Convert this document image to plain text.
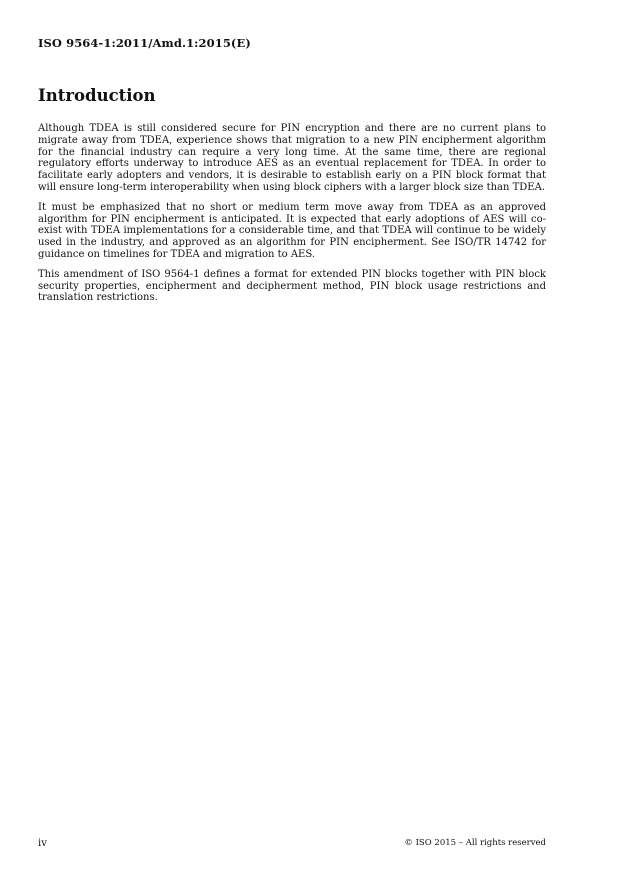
ISO 9564-1:2011/Amd.1:2015(E)
Introduction

Although TDEA is still considered secure for PIN encryption and there are no current plans to migrate away from TDEA, experience shows that migration to a new PIN encipherment algorithm for the financial industry can require a very long time. At the same time, there are regional regulatory efforts underway to introduce AES as an eventual replacement for TDEA. In order to facilitate early adopters and vendors, it is desirable to establish early on a PIN block format that will ensure long-term interoperability when using block ciphers with a larger block size than TDEA.

It must be emphasized that no short or medium term move away from TDEA as an approved algorithm for PIN encipherment is anticipated. It is expected that early adoptions of AES will co-exist with TDEA implementations for a considerable time, and that TDEA will continue to be widely used in the industry, and approved as an algorithm for PIN encipherment. See ISO/TR 14742 for guidance on timelines for TDEA and migration to AES.

This amendment of ISO 9564-1 defines a format for extended PIN blocks together with PIN block security properties, encipherment and decipherment method, PIN block usage restrictions and translation restrictions.

iv	© ISO 2015 – All rights reserved
